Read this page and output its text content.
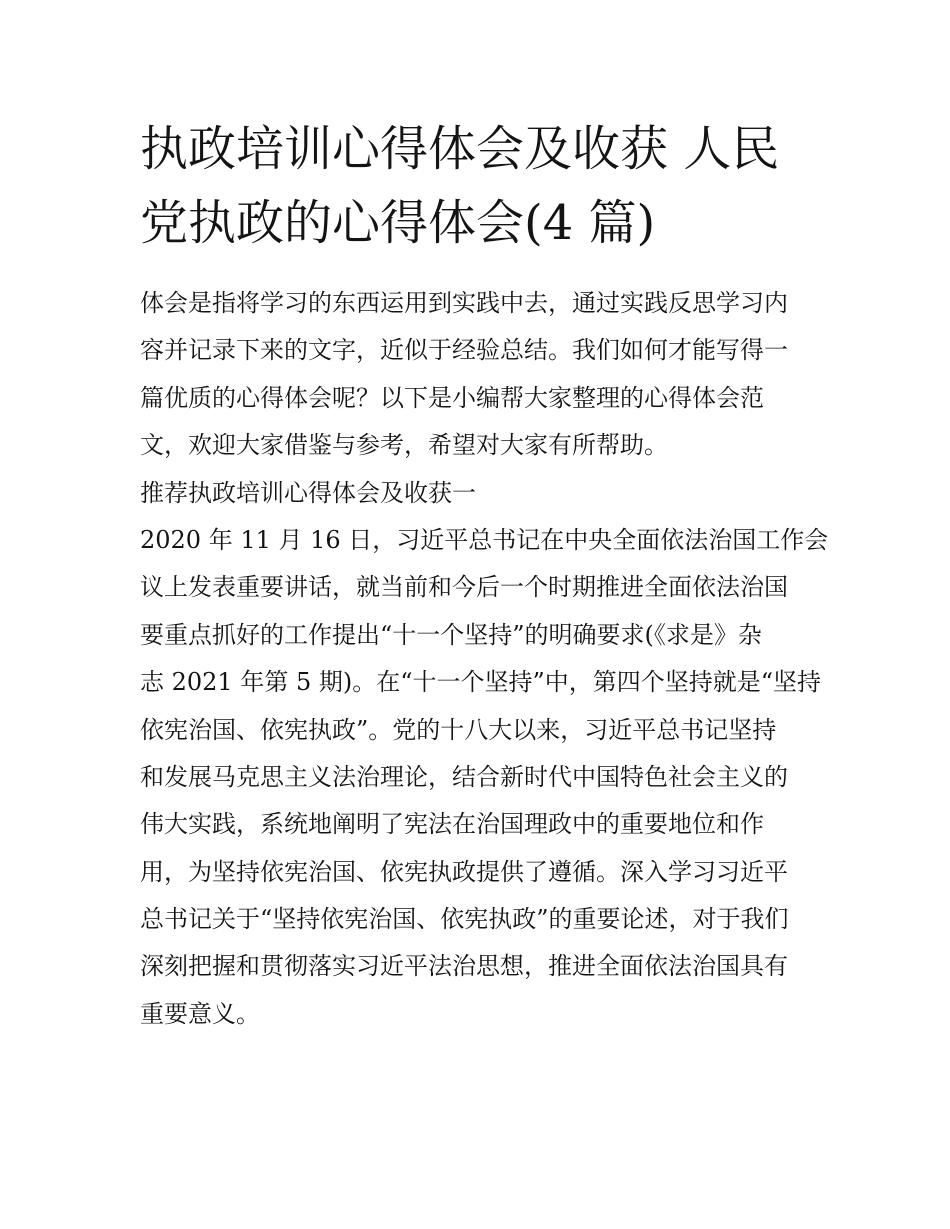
执政培训心得体会及收获 人民
党执政的心得体会(4 篇)
体会是指将学习的东西运用到实践中去，通过实践反思学习内
容并记录下来的文字，近似于经验总结。我们如何才能写得一
篇优质的心得体会呢？以下是小编帮大家整理的心得体会范
文，欢迎大家借鉴与参考，希望对大家有所帮助。
推荐执政培训心得体会及收获一
2020 年 11 月 16 日，习近平总书记在中央全面依法治国工作会
议上发表重要讲话，就当前和今后一个时期推进全面依法治国
要重点抓好的工作提出“十一个坚持”的明确要求(《求是》杂
志 2021 年第 5 期)。在“十一个坚持”中，第四个坚持就是“坚持
依宪治国、依宪执政”。党的十八大以来，习近平总书记坚持
和发展马克思主义法治理论，结合新时代中国特色社会主义的
伟大实践，系统地阐明了宪法在治国理政中的重要地位和作
用，为坚持依宪治国、依宪执政提供了遵循。深入学习习近平
总书记关于“坚持依宪治国、依宪执政”的重要论述，对于我们
深刻把握和贯彻落实习近平法治思想，推进全面依法治国具有
重要意义。
